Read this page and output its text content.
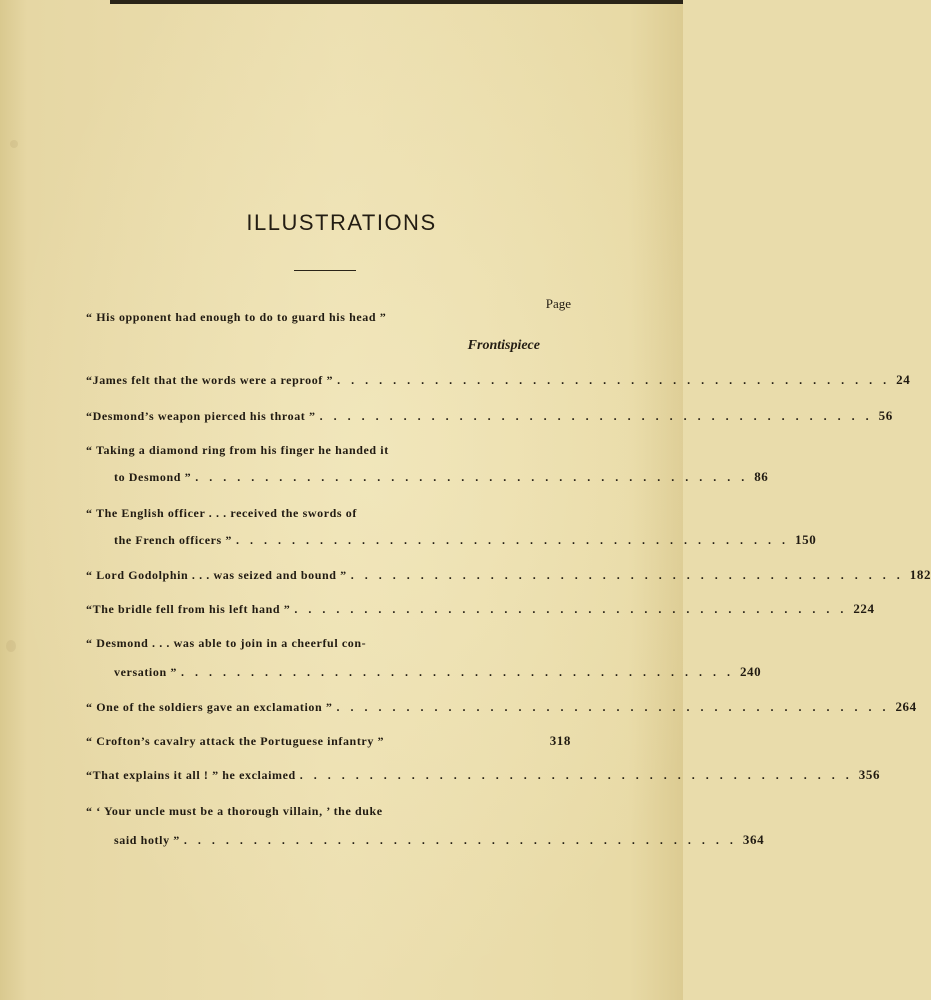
ILLUSTRATIONS
Page
“ His opponent had enough to do to guard his head ”
Frontispiece
“James felt that the words were a reproof ” . . . . . . . . . . . . . . . . . . . . . . . . . . . . . . . . . . . . . . . . 24
“Desmond’s weapon pierced his throat ” . . . . . . . . . . . . . . . . . . . . . . . . . . . . . . . . . . . . . . . . 56
“ Taking a diamond ring from his finger he handed it
to Desmond ” . . . . . . . . . . . . . . . . . . . . . . . . . . . . . . . . . . . . . . . . 86
“ The English officer . . . received the swords of
the French officers ” . . . . . . . . . . . . . . . . . . . . . . . . . . . . . . . . . . . . . . . . 150
“ Lord Godolphin . . . was seized and bound ” . . . . . . . . . . . . . . . . . . . . . . . . . . . . . . . . . . . . . . . . 182
“The bridle fell from his left hand ” . . . . . . . . . . . . . . . . . . . . . . . . . . . . . . . . . . . . . . . . 224
“ Desmond . . . was able to join in a cheerful con-
versation ” . . . . . . . . . . . . . . . . . . . . . . . . . . . . . . . . . . . . . . . . 240
“ One of the soldiers gave an exclamation ” . . . . . . . . . . . . . . . . . . . . . . . . . . . . . . . . . . . . . . . . 264
“ Crofton’s cavalry attack the Portuguese infantry ”	318
“That explains it all ! ” he exclaimed . . . . . . . . . . . . . . . . . . . . . . . . . . . . . . . . . . . . . . . . 356
“ ‘ Your uncle must be a thorough villain, ’ the duke
said hotly ” . . . . . . . . . . . . . . . . . . . . . . . . . . . . . . . . . . . . . . . . 364
